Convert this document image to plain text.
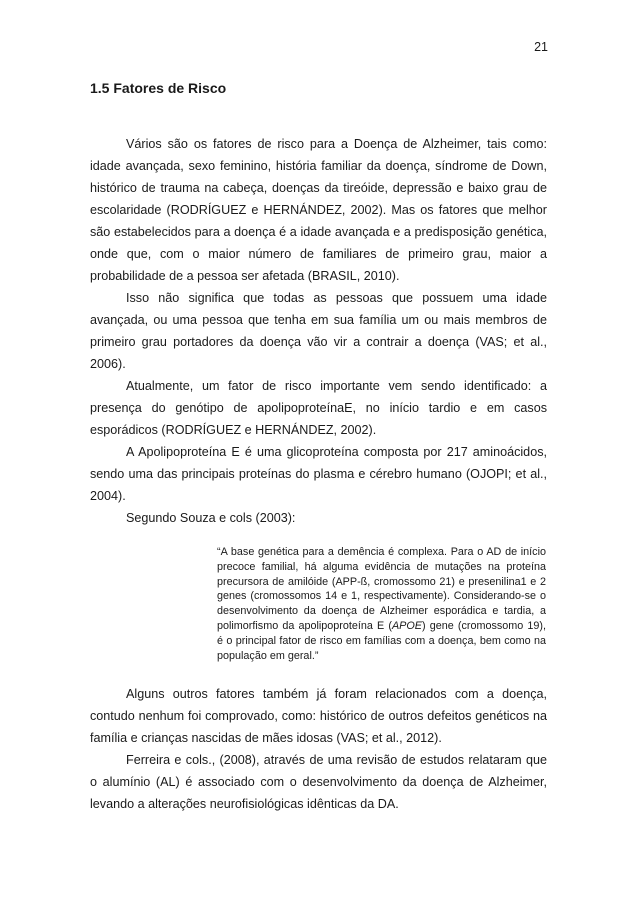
21
1.5 Fatores de Risco

Vários são os fatores de risco para a Doença de Alzheimer, tais como: idade avançada, sexo feminino, história familiar da doença, síndrome de Down, histórico de trauma na cabeça, doenças da tireóide, depressão e baixo grau de escolaridade (RODRÍGUEZ e HERNÁNDEZ, 2002). Mas os fatores que melhor são estabelecidos para a doença é a idade avançada e a predisposição genética, onde que, com o maior número de familiares de primeiro grau, maior a probabilidade de a pessoa ser afetada (BRASIL, 2010).

Isso não significa que todas as pessoas que possuem uma idade avançada, ou uma pessoa que tenha em sua família um ou mais membros de primeiro grau portadores da doença vão vir a contrair a doença (VAS; et al., 2006).

Atualmente, um fator de risco importante vem sendo identificado: a presença do genótipo de apolipoproteínaE, no início tardio e em casos esporádicos (RODRÍGUEZ e HERNÁNDEZ, 2002).

A Apolipoproteína E é uma glicoproteína composta por 217 aminoácidos, sendo uma das principais proteínas do plasma e cérebro humano (OJOPI; et al., 2004).

Segundo Souza e cols (2003):

“A base genética para a demência é complexa. Para o AD de início precoce familial, há alguma evidência de mutações na proteína precursora de amilóide (APP-ß, cromossomo 21) e presenilina1 e 2 genes (cromossomos 14 e 1, respectivamente). Considerando-se o desenvolvimento da doença de Alzheimer esporádica e tardia, a polimorfismo da apolipoproteína E (APOE) gene (cromossomo 19), é o principal fator de risco em famílias com a doença, bem como na população em geral.”

Alguns outros fatores também já foram relacionados com a doença, contudo nenhum foi comprovado, como: histórico de outros defeitos genéticos na família e crianças nascidas de mães idosas (VAS; et al., 2012).

Ferreira e cols., (2008), através de uma revisão de estudos relataram que o alumínio (AL) é associado com o desenvolvimento da doença de Alzheimer, levando a alterações neurofisiológicas idênticas da DA.
